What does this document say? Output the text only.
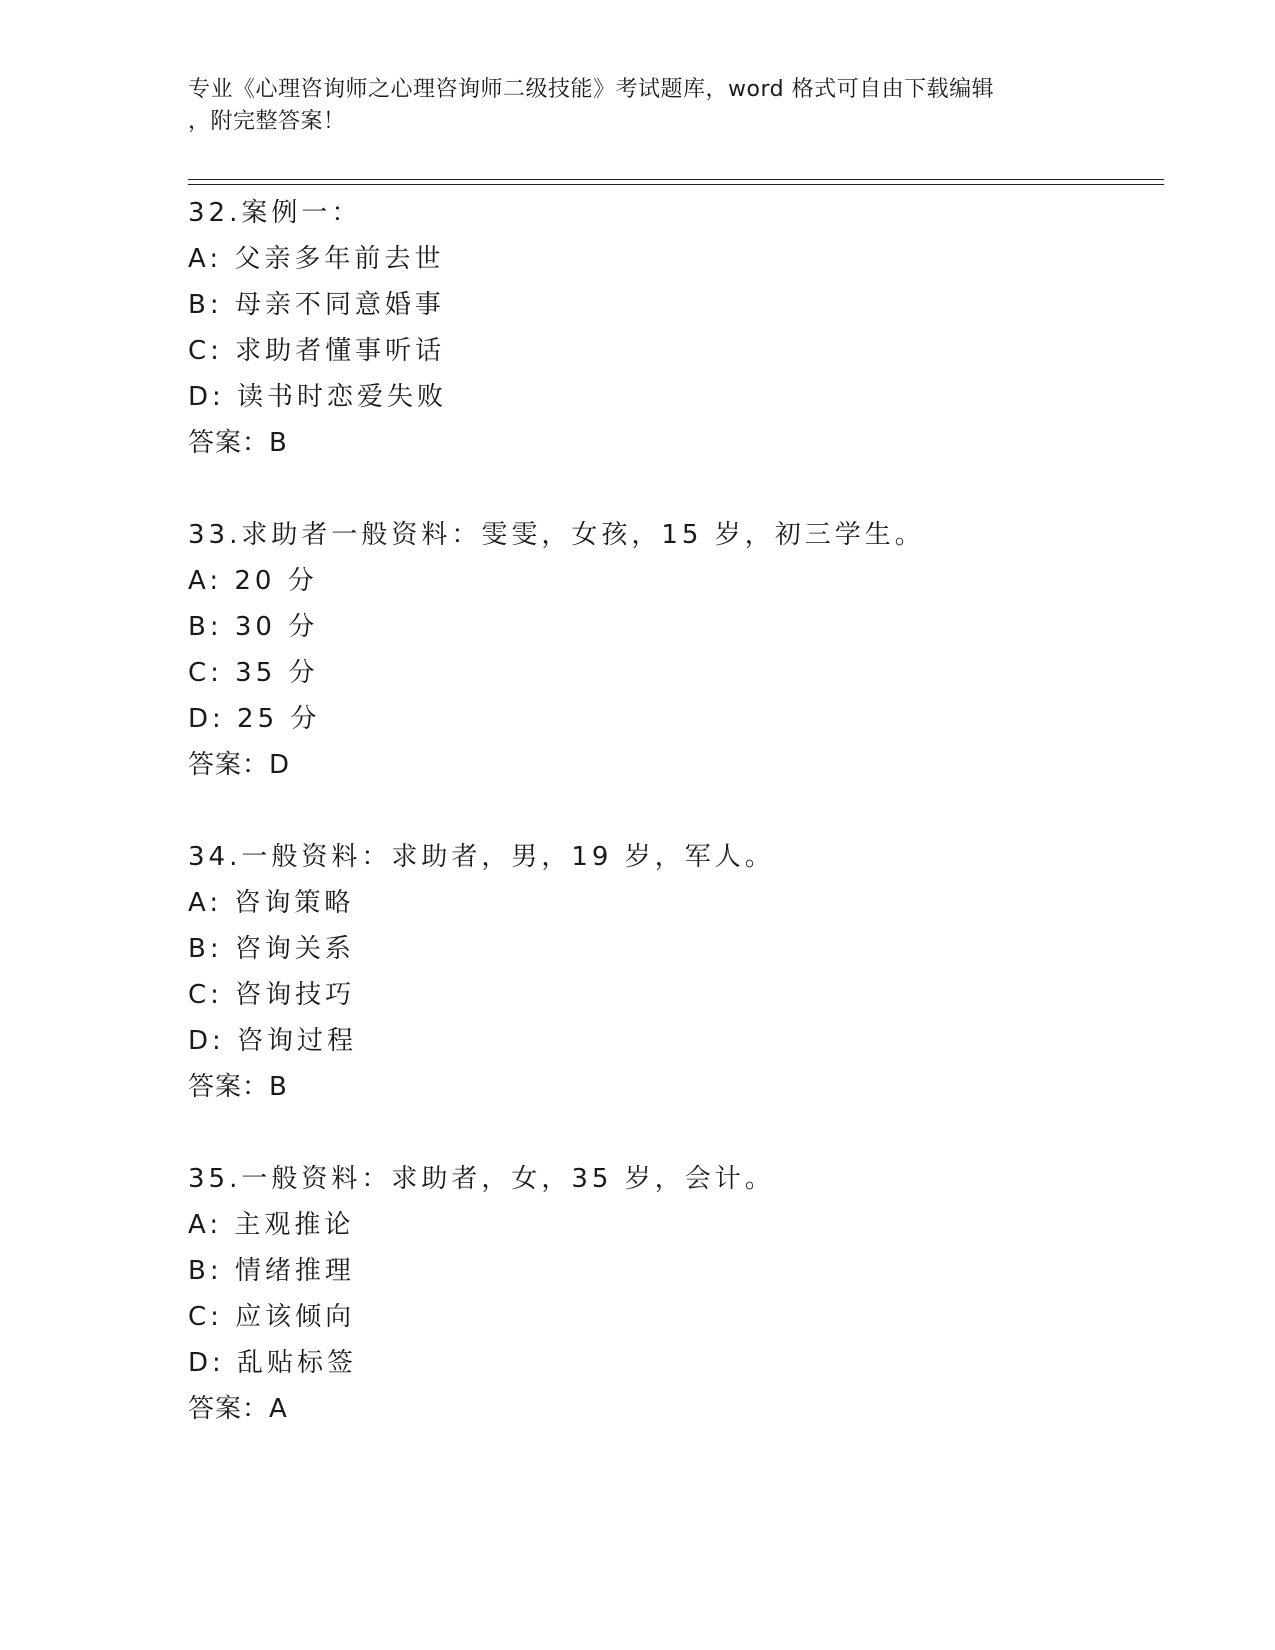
专业《心理咨询师之心理咨询师二级技能》考试题库，word 格式可自由下载编辑
，附完整答案！
32.案例一：
A: 父亲多年前去世
B: 母亲不同意婚事
C: 求助者懂事听话
D: 读书时恋爱失败
答案：B
33.求助者一般资料：雯雯，女孩，15 岁，初三学生。
A: 20 分
B: 30 分
C: 35 分
D: 25 分
答案：D
34.一般资料：求助者，男，19 岁，军人。
A: 咨询策略
B: 咨询关系
C: 咨询技巧
D: 咨询过程
答案：B
35.一般资料：求助者，女，35 岁，会计。
A: 主观推论
B: 情绪推理
C: 应该倾向
D: 乱贴标签
答案：A
